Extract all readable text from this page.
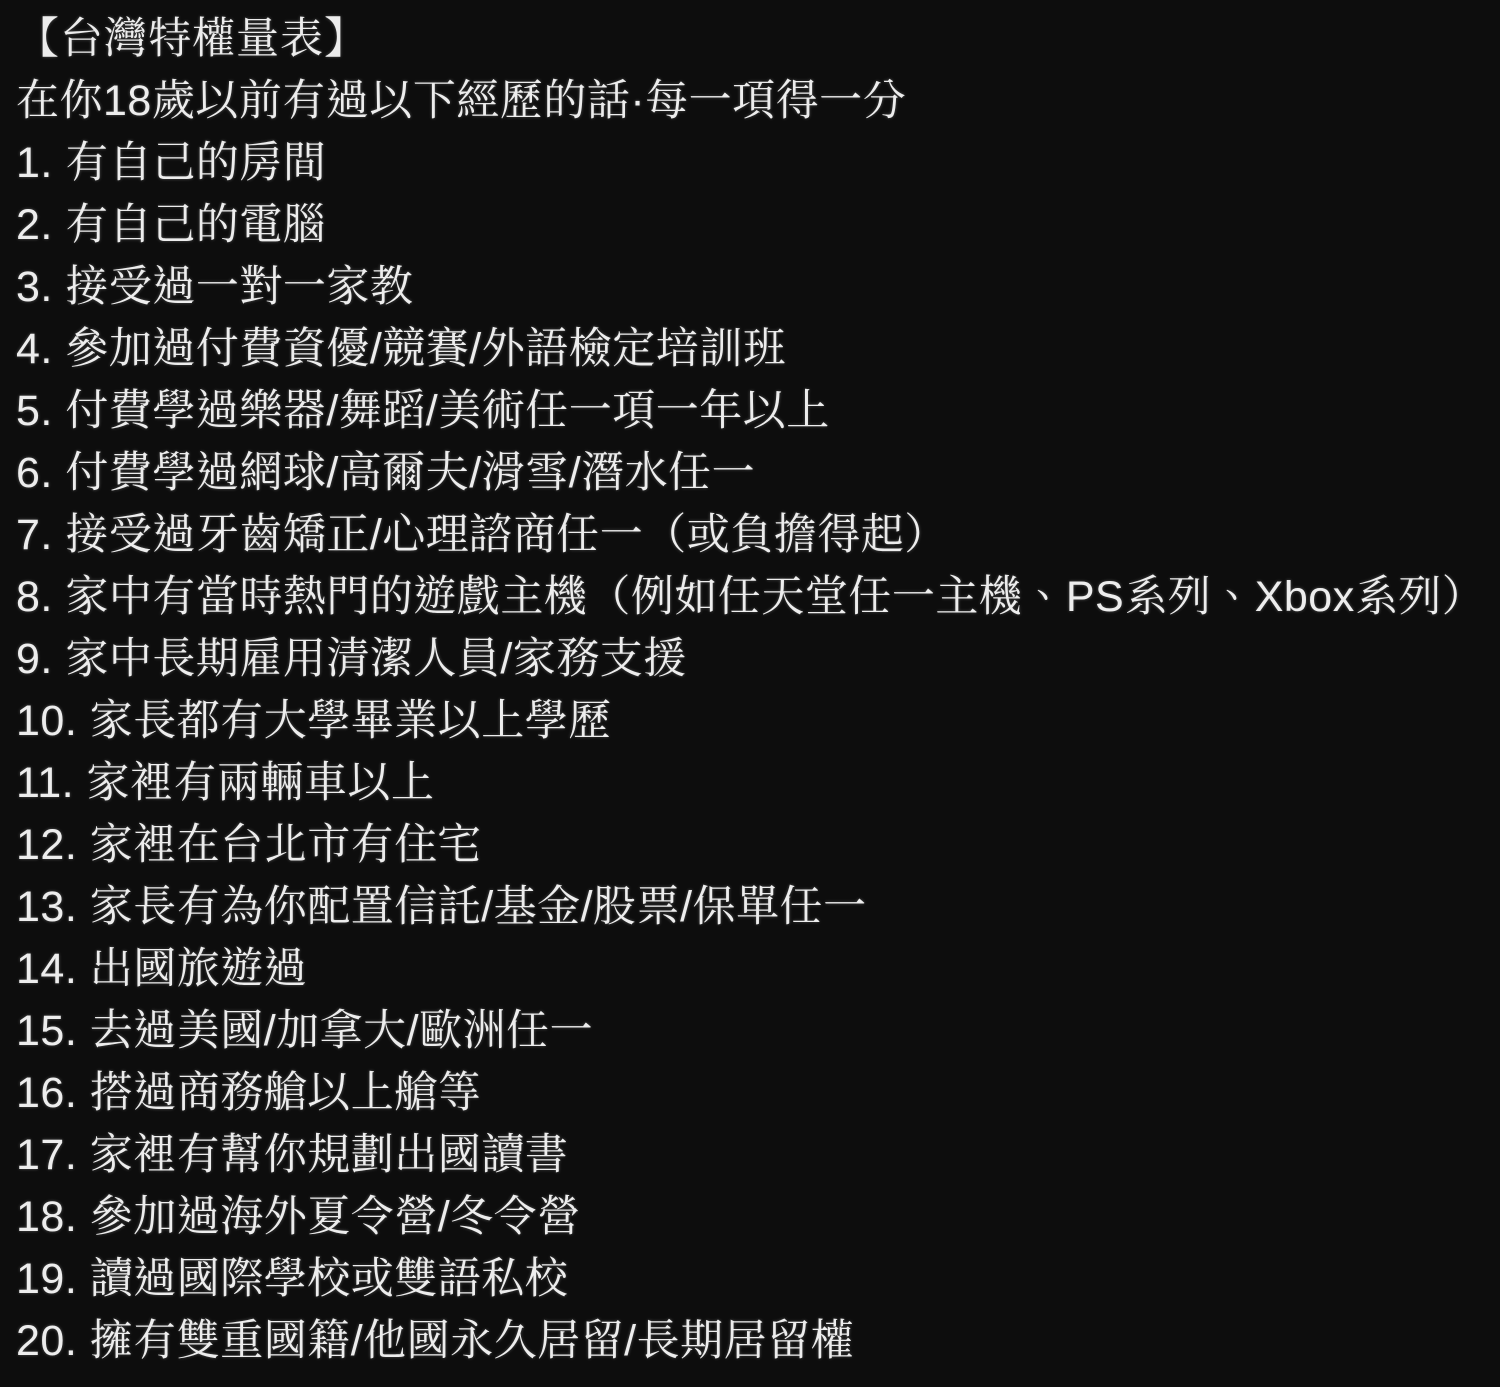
【台灣特權量表】
在你18歲以前有過以下經歷的話·每一項得一分
1. 有自己的房間
2. 有自己的電腦
3. 接受過一對一家教
4. 參加過付費資優/競賽/外語檢定培訓班
5. 付費學過樂器/舞蹈/美術任一項一年以上
6. 付費學過網球/高爾夫/滑雪/潛水任一
7. 接受過牙齒矯正/心理諮商任一（或負擔得起）
8. 家中有當時熱門的遊戲主機（例如任天堂任一主機、PS系列、Xbox系列）
9. 家中長期雇用清潔人員/家務支援
10. 家長都有大學畢業以上學歷
11. 家裡有兩輛車以上
12. 家裡在台北市有住宅
13. 家長有為你配置信託/基金/股票/保單任一
14. 出國旅遊過
15. 去過美國/加拿大/歐洲任一
16. 搭過商務艙以上艙等
17. 家裡有幫你規劃出國讀書
18. 參加過海外夏令營/冬令營
19. 讀過國際學校或雙語私校
20. 擁有雙重國籍/他國永久居留/長期居留權
